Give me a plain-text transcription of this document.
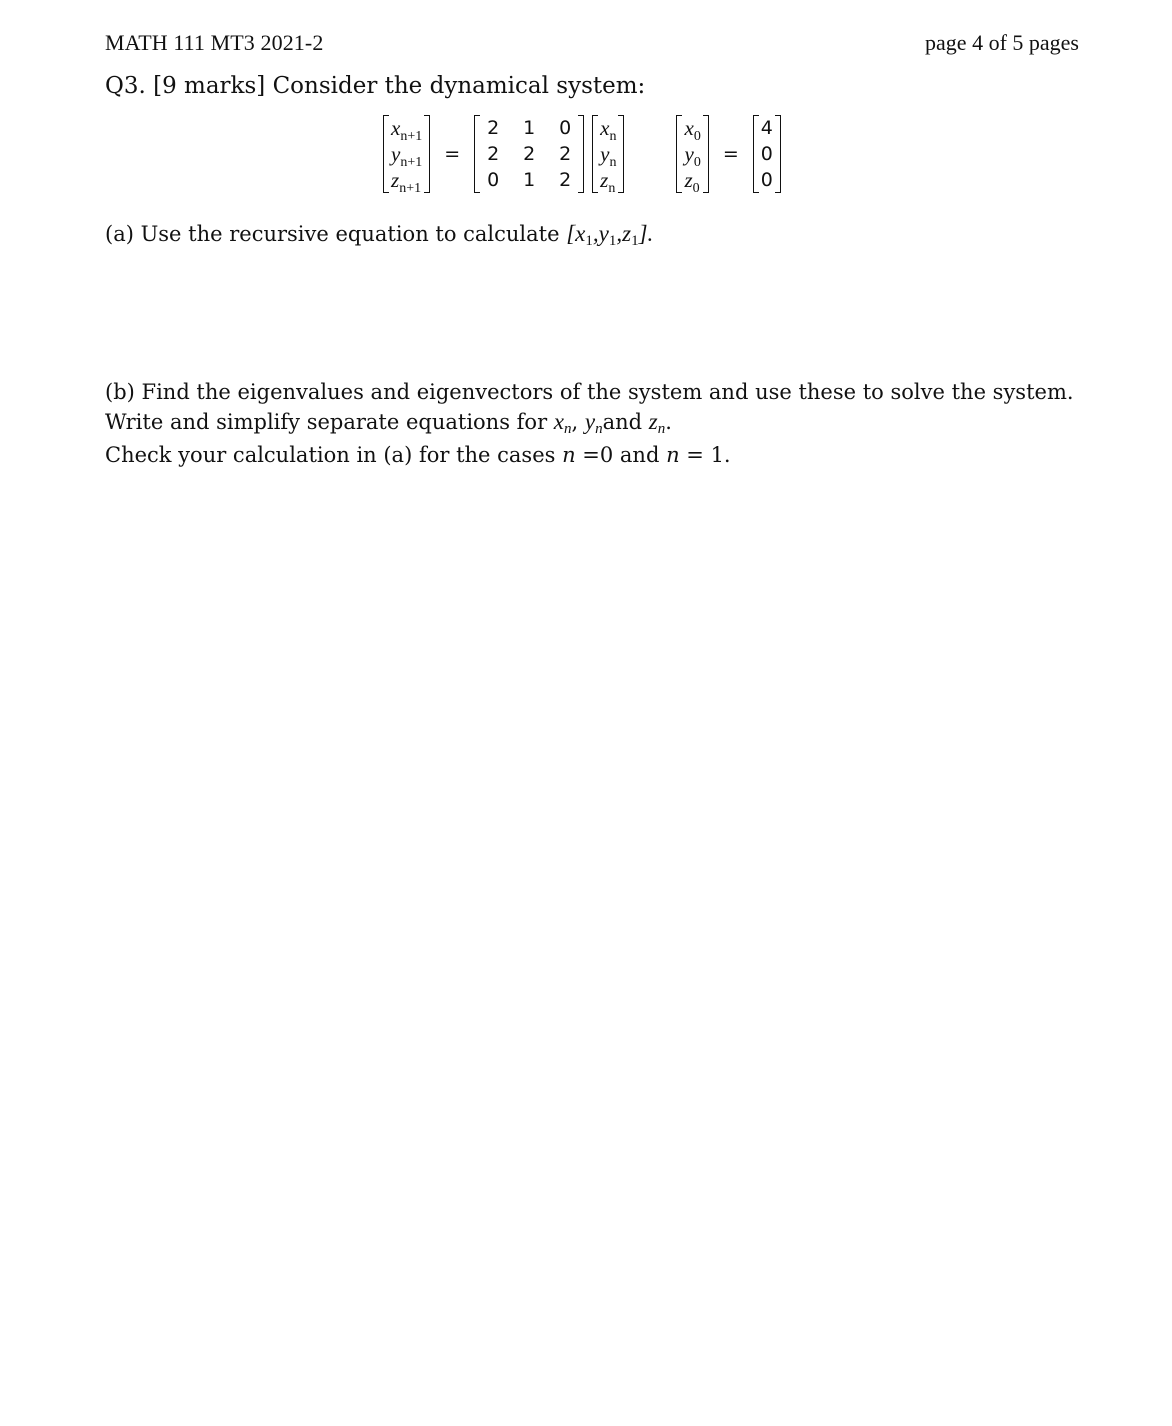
MATH 111 MT3 2021-2	page 4 of 5 pages
Q3. [9 marks] Consider the dynamical system:
$x_{n+1}$
$y_{n+1}$
$z_{n+1}$
=
2 1 0
2 2 2
0 1 2
$x_n$
$y_n$
$z_n$
$x_0$
$y_0$
$z_0$
=
4
0
0
(a) Use the recursive equation to calculate [x1,y1,z1].
(b) Find the eigenvalues and eigenvectors of the system and use these to solve the system.
Write and simplify separate equations for xn, ynand zn.
Check your calculation in (a) for the cases n =0 and n = 1.
